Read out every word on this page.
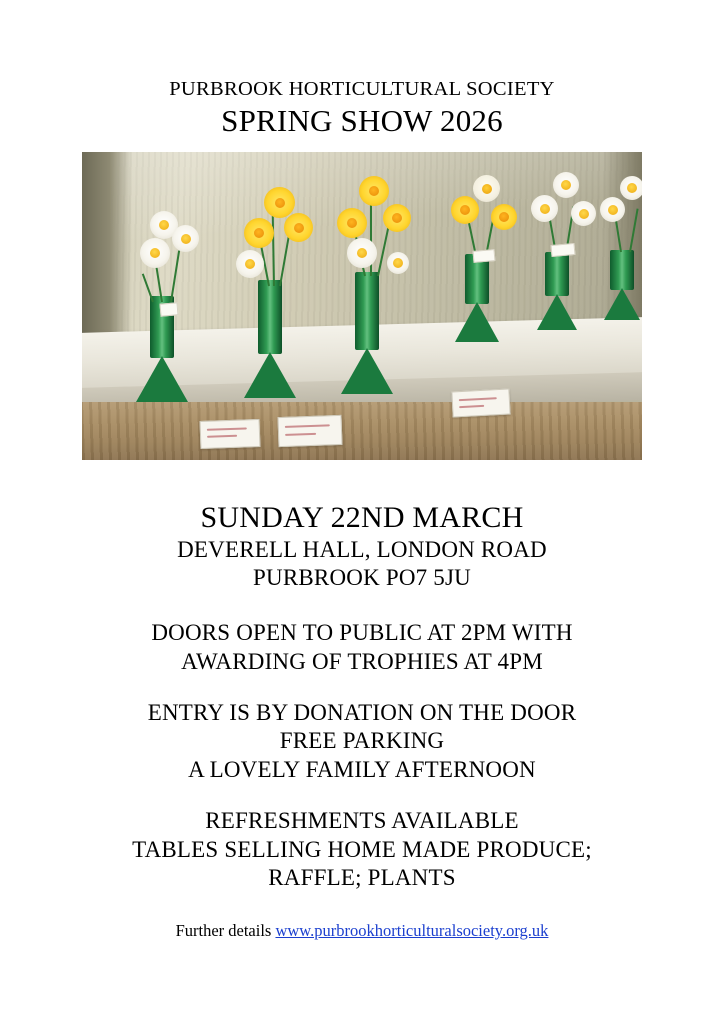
PURBROOK HORTICULTURAL SOCIETY
SPRING SHOW 2026
SUNDAY 22ND MARCH
DEVERELL HALL, LONDON ROAD
PURBROOK PO7 5JU
DOORS OPEN TO PUBLIC AT 2PM WITH
AWARDING OF TROPHIES AT 4PM
ENTRY IS BY DONATION ON THE DOOR
FREE PARKING
A LOVELY FAMILY AFTERNOON
REFRESHMENTS AVAILABLE
TABLES SELLING HOME MADE PRODUCE;
RAFFLE; PLANTS
Further details www.purbrookhorticulturalsociety.org.uk
